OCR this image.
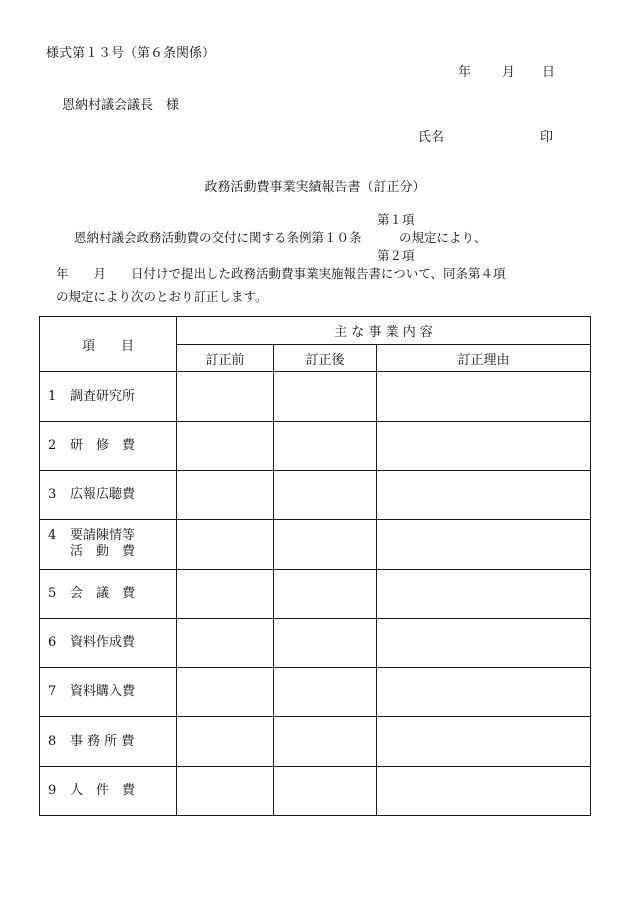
様式第１３号（第６条関係）
年 月 日
恩納村議会議長　様
氏名	印
政務活動費事業実績報告書（訂正分）
第１項
恩納村議会政務活動費の交付に関する条例第１０条　　　の規定により、
第２項
年　　月　　日付けで提出した政務活動費事業実施報告書について、同条第４項
の規定により次のとおり訂正します。
項　　目	主 な 事 業 内 容		
	訂正前	訂正後	訂正理由
1 調査研究所			
2 研　修　費			
3 広報広聴費			
4 要請陳情等
活　動　費			
5 会　議　費			
6 資料作成費			
7 資料購入費			
8 事 務 所 費			
9 人　件　費			
